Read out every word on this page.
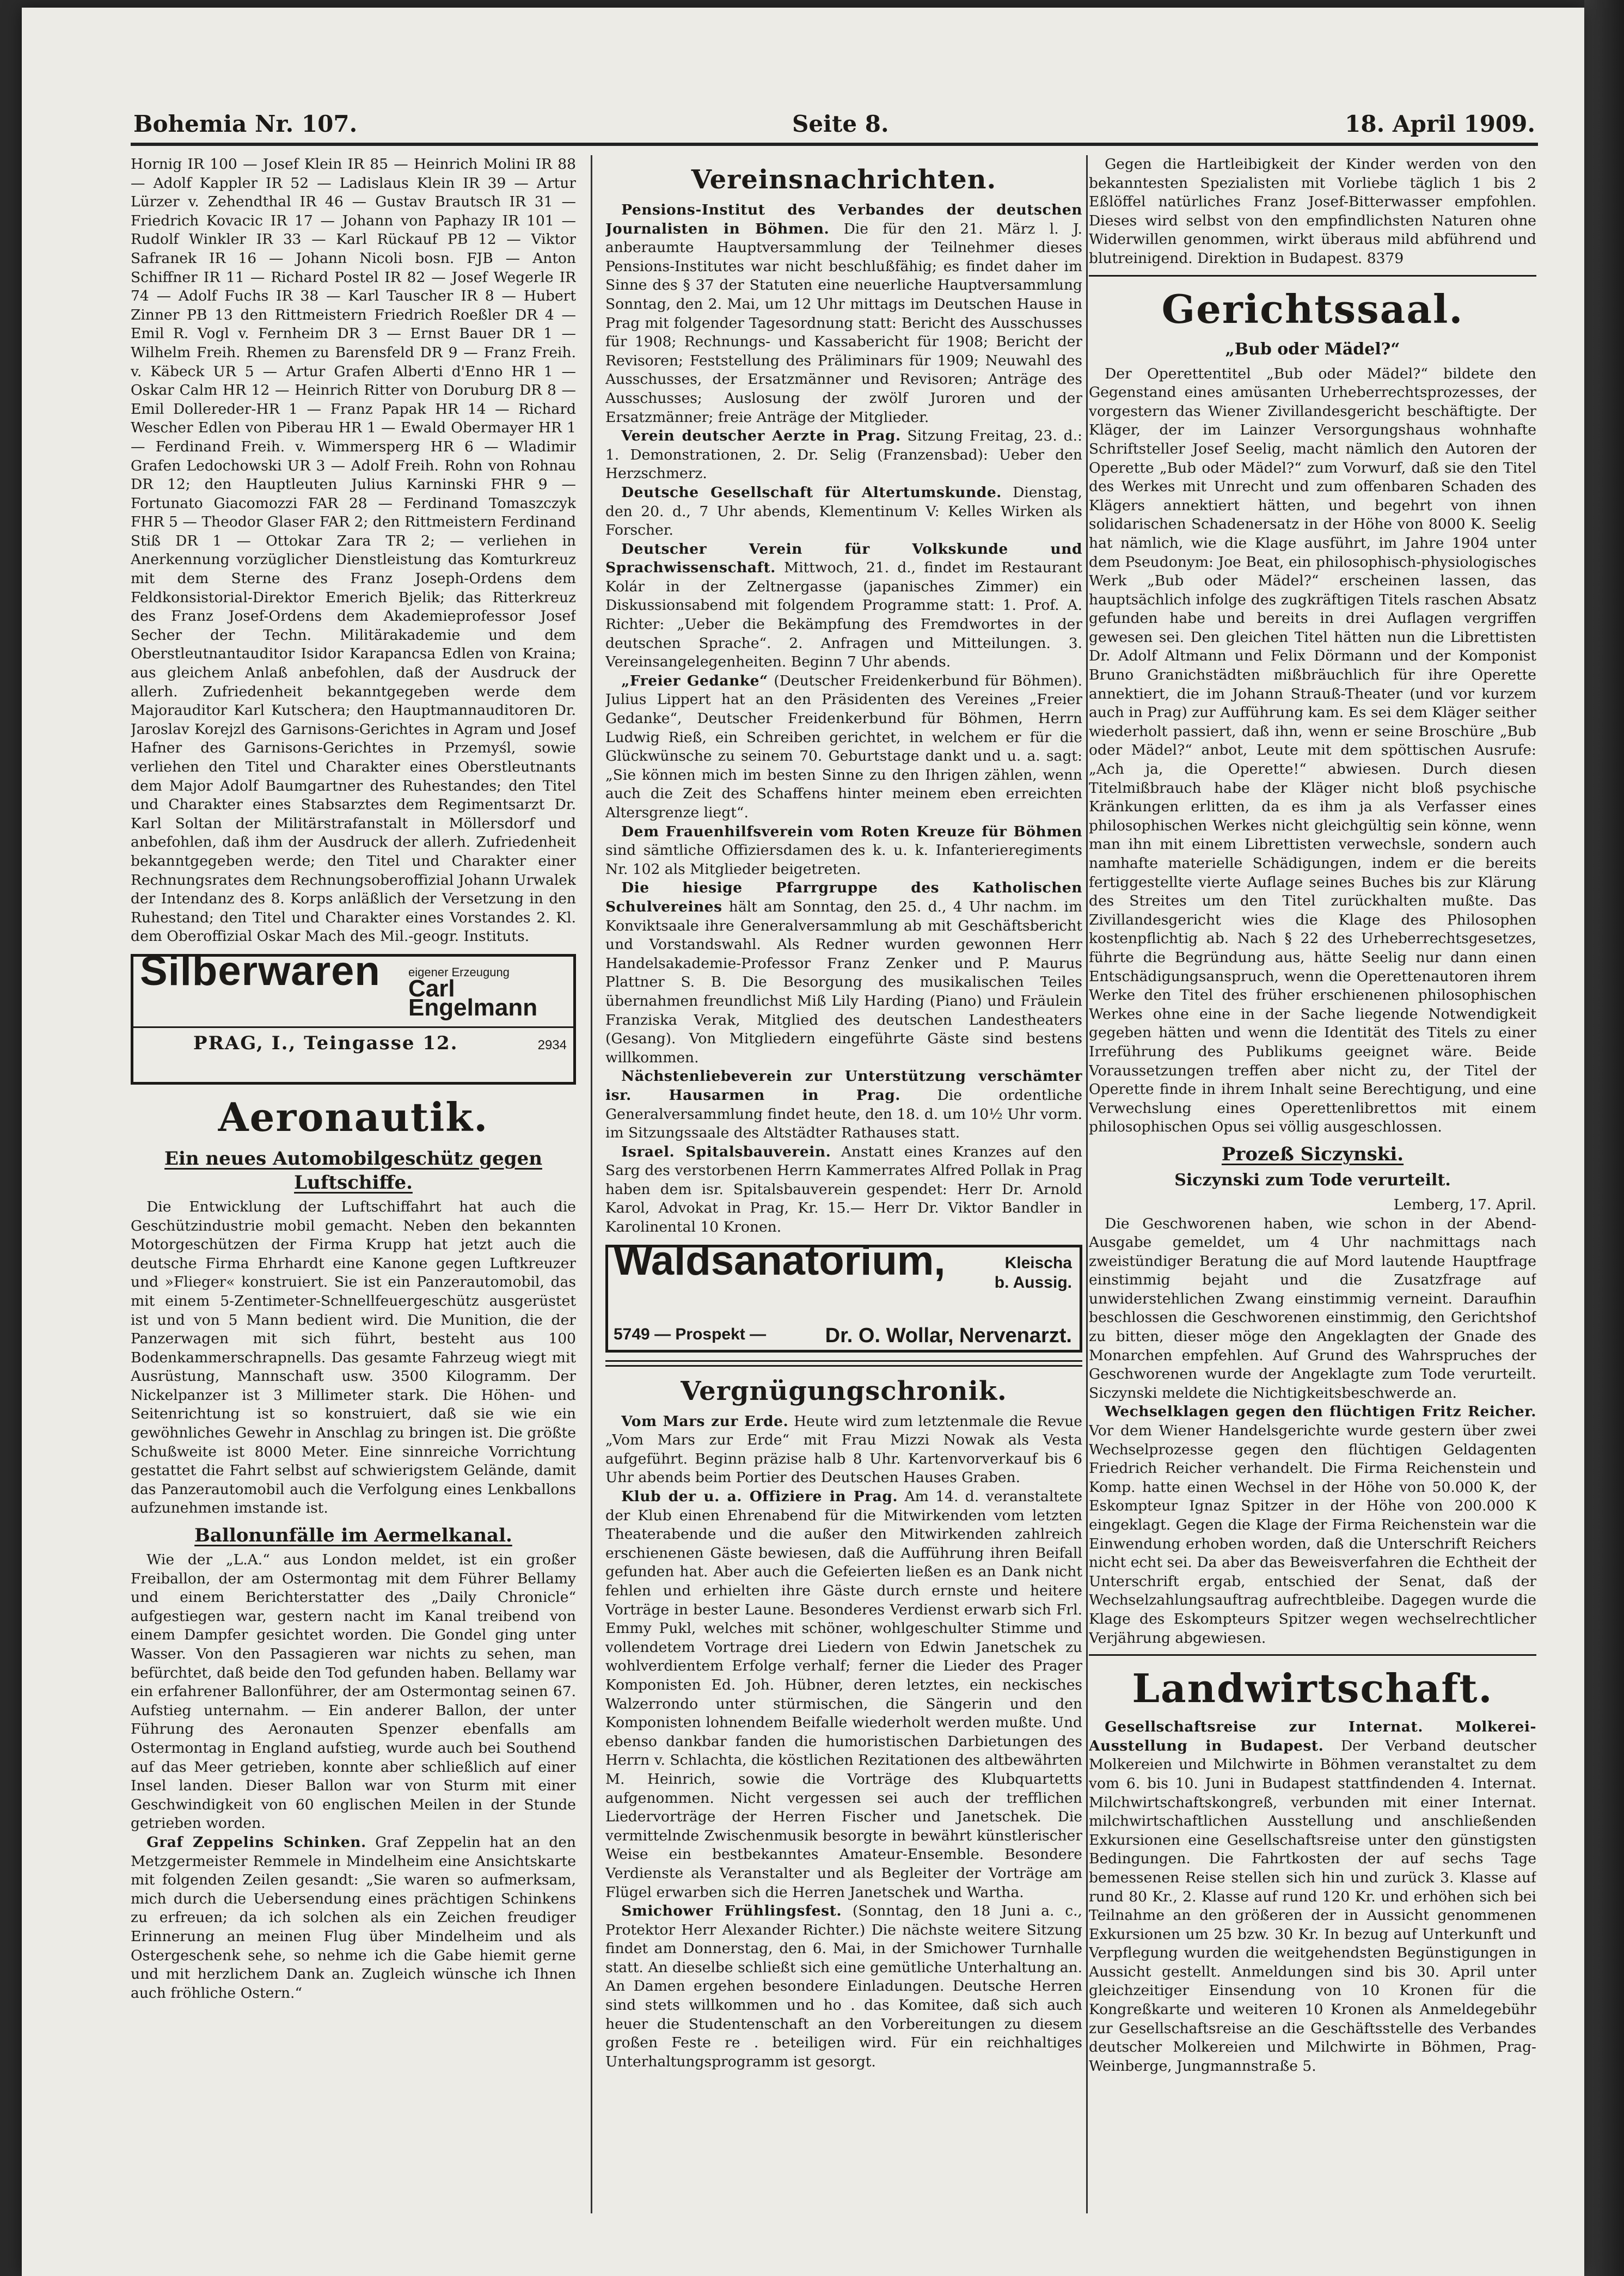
Bohemia Nr. 107.	Seite 8.	18. April 1909.

Hornig IR 100 — Josef Klein IR 85 — Heinrich Molini IR 88 — Adolf Kappler IR 52 — Ladislaus Klein IR 39 — Artur Lürzer v. Zehendthal IR 46 — Gustav Brautsch IR 31 — Friedrich Kovacic IR 17 — Johann von Paphazy IR 101 — Rudolf Winkler IR 33 — Karl Rückauf PB 12 — Viktor Safranek IR 16 — Johann Nicoli bosn. FJB — Anton Schiffner IR 11 — Richard Postel IR 82 — Josef Wegerle IR 74 — Adolf Fuchs IR 38 — Karl Tauscher IR 8 — Hubert Zinner PB 13 den Rittmeistern Friedrich Roeßler DR 4 — Emil R. Vogl v. Fernheim DR 3 — Ernst Bauer DR 1 — Wilhelm Freih. Rhemen zu Barensfeld DR 9 — Franz Freih. v. Käbeck UR 5 — Artur Grafen Alberti d'Enno HR 1 — Oskar Calm HR 12 — Heinrich Ritter von Doruburg DR 8 — Emil Dollereder-HR 1 — Franz Papak HR 14 — Richard Wescher Edlen von Piberau HR 1 — Ewald Obermayer HR 1 — Ferdinand Freih. v. Wimmersperg HR 6 — Wladimir Grafen Ledochowski UR 3 — Adolf Freih. Rohn von Rohnau DR 12; den Hauptleuten Julius Karninski FHR 9 — Fortunato Giacomozzi FAR 28 — Ferdinand Tomaszczyk FHR 5 — Theodor Glaser FAR 2; den Rittmeistern Ferdinand Stiß DR 1 — Ottokar Zara TR 2; — verliehen in Anerkennung vorzüglicher Dienstleistung das Komturkreuz mit dem Sterne des Franz Joseph-Ordens dem Feldkonsistorial-Direktor Emerich Bjelik; das Ritterkreuz des Franz Josef-Ordens dem Akademieprofessor Josef Secher der Techn. Militärakademie und dem Oberstleutnantauditor Isidor Karapancsa Edlen von Kraina; aus gleichem Anlaß anbefohlen, daß der Ausdruck der allerh. Zufriedenheit bekanntgegeben werde dem Majorauditor Karl Kutschera; den Hauptmannauditoren Dr. Jaroslav Korejzl des Garnisons-Gerichtes in Agram und Josef Hafner des Garnisons-Gerichtes in Przemyśl, sowie verliehen den Titel und Charakter eines Oberstleutnants dem Major Adolf Baumgartner des Ruhestandes; den Titel und Charakter eines Stabsarztes dem Regimentsarzt Dr. Karl Soltan der Militärstrafanstalt in Möllersdorf und anbefohlen, daß ihm der Ausdruck der allerh. Zufriedenheit bekanntgegeben werde; den Titel und Charakter einer Rechnungsrates dem Rechnungsoberoffizial Johann Urwalek der Intendanz des 8. Korps anläßlich der Versetzung in den Ruhestand; den Titel und Charakter eines Vorstandes 2. Kl. dem Oberoffizial Oskar Mach des Mil.-geogr. Instituts.

Silberwaren eigener Erzeugung
Carl Engelmann
PRAG, I., Teingasse 12.	2934
Aeronautik.
Ein neues Automobilgeschütz gegen Luftschiffe.

Die Entwicklung der Luftschiffahrt hat auch die Geschützindustrie mobil gemacht. Neben den bekannten Motorgeschützen der Firma Krupp hat jetzt auch die deutsche Firma Ehrhardt eine Kanone gegen Luftkreuzer und »Flieger« konstruiert. Sie ist ein Panzerautomobil, das mit einem 5-Zentimeter-Schnellfeuergeschütz ausgerüstet ist und von 5 Mann bedient wird. Die Munition, die der Panzerwagen mit sich führt, besteht aus 100 Bodenkammerschrapnells. Das gesamte Fahrzeug wiegt mit Ausrüstung, Mannschaft usw. 3500 Kilogramm. Der Nickelpanzer ist 3 Millimeter stark. Die Höhen- und Seitenrichtung ist so konstruiert, daß sie wie ein gewöhnliches Gewehr in Anschlag zu bringen ist. Die größte Schußweite ist 8000 Meter. Eine sinnreiche Vorrichtung gestattet die Fahrt selbst auf schwierigstem Gelände, damit das Panzerautomobil auch die Verfolgung eines Lenkballons aufzunehmen imstande ist.

Ballonunfälle im Aermelkanal.

Wie der „L.A.“ aus London meldet, ist ein großer Freiballon, der am Ostermontag mit dem Führer Bellamy und einem Berichterstatter des „Daily Chronicle“ aufgestiegen war, gestern nacht im Kanal treibend von einem Dampfer gesichtet worden. Die Gondel ging unter Wasser. Von den Passagieren war nichts zu sehen, man befürchtet, daß beide den Tod gefunden haben. Bellamy war ein erfahrener Ballonführer, der am Ostermontag seinen 67. Aufstieg unternahm. — Ein anderer Ballon, der unter Führung des Aeronauten Spenzer ebenfalls am Ostermontag in England aufstieg, wurde auch bei Southend auf das Meer getrieben, konnte aber schließlich auf einer Insel landen. Dieser Ballon war von Sturm mit einer Geschwindigkeit von 60 englischen Meilen in der Stunde getrieben worden.

Graf Zeppelins Schinken. Graf Zeppelin hat an den Metzgermeister Remmele in Mindelheim eine Ansichtskarte mit folgenden Zeilen gesandt: „Sie waren so aufmerksam, mich durch die Uebersendung eines prächtigen Schinkens zu erfreuen; da ich solchen als ein Zeichen freudiger Erinnerung an meinen Flug über Mindelheim und als Ostergeschenk sehe, so nehme ich die Gabe hiemit gerne und mit herzlichem Dank an. Zugleich wünsche ich Ihnen auch fröhliche Ostern.“

Vereinsnachrichten.

Pensions-Institut des Verbandes der deutschen Journalisten in Böhmen. Die für den 21. März l. J. anberaumte Hauptversammlung der Teilnehmer dieses Pensions-Institutes war nicht beschlußfähig; es findet daher im Sinne des § 37 der Statuten eine neuerliche Hauptversammlung Sonntag, den 2. Mai, um 12 Uhr mittags im Deutschen Hause in Prag mit folgender Tagesordnung statt: Bericht des Ausschusses für 1908; Rechnungs- und Kassabericht für 1908; Bericht der Revisoren; Feststellung des Präliminars für 1909; Neuwahl des Ausschusses, der Ersatzmänner und Revisoren; Anträge des Ausschusses; Auslosung der zwölf Juroren und der Ersatzmänner; freie Anträge der Mitglieder.

Verein deutscher Aerzte in Prag. Sitzung Freitag, 23. d.: 1. Demonstrationen, 2. Dr. Selig (Franzensbad): Ueber den Herzschmerz.

Deutsche Gesellschaft für Altertumskunde. Dienstag, den 20. d., 7 Uhr abends, Klementinum V: Kelles Wirken als Forscher.

Deutscher Verein für Volkskunde und Sprachwissenschaft. Mittwoch, 21. d., findet im Restaurant Kolár in der Zeltnergasse (japanisches Zimmer) ein Diskussionsabend mit folgendem Programme statt: 1. Prof. A. Richter: „Ueber die Bekämpfung des Fremdwortes in der deutschen Sprache“. 2. Anfragen und Mitteilungen. 3. Vereinsangelegenheiten. Beginn 7 Uhr abends.

„Freier Gedanke“ (Deutscher Freidenkerbund für Böhmen). Julius Lippert hat an den Präsidenten des Vereines „Freier Gedanke“, Deutscher Freidenkerbund für Böhmen, Herrn Ludwig Rieß, ein Schreiben gerichtet, in welchem er für die Glückwünsche zu seinem 70. Geburtstage dankt und u. a. sagt: „Sie können mich im besten Sinne zu den Ihrigen zählen, wenn auch die Zeit des Schaffens hinter meinem eben erreichten Altersgrenze liegt“.

Dem Frauenhilfsverein vom Roten Kreuze für Böhmen sind sämtliche Offiziersdamen des k. u. k. Infanterieregiments Nr. 102 als Mitglieder beigetreten.

Die hiesige Pfarrgruppe des Katholischen Schulvereines hält am Sonntag, den 25. d., 4 Uhr nachm. im Konviktsaale ihre Generalversammlung ab mit Geschäftsbericht und Vorstandswahl. Als Redner wurden gewonnen Herr Handelsakademie-Professor Franz Zenker und P. Maurus Plattner S. B. Die Besorgung des musikalischen Teiles übernahmen freundlichst Miß Lily Harding (Piano) und Fräulein Franziska Verak, Mitglied des deutschen Landestheaters (Gesang). Von Mitgliedern eingeführte Gäste sind bestens willkommen.

Nächstenliebeverein zur Unterstützung verschämter isr. Hausarmen in Prag. Die ordentliche Generalversammlung findet heute, den 18. d. um 10½ Uhr vorm. im Sitzungssaale des Altstädter Rathauses statt.

Israel. Spitalsbauverein. Anstatt eines Kranzes auf den Sarg des verstorbenen Herrn Kammerrates Alfred Pollak in Prag haben dem isr. Spitalsbauverein gespendet: Herr Dr. Arnold Karol, Advokat in Prag, Kr. 15.— Herr Dr. Viktor Bandler in Karolinental 10 Kronen.

Waldsanatorium,	Kleischa
b. Aussig.
5749 — Prospekt —	Dr. O. Wollar, Nervenarzt.
Vergnügungschronik.

Vom Mars zur Erde. Heute wird zum letztenmale die Revue „Vom Mars zur Erde“ mit Frau Mizzi Nowak als Vesta aufgeführt. Beginn präzise halb 8 Uhr. Kartenvorverkauf bis 6 Uhr abends beim Portier des Deutschen Hauses Graben.

Klub der u. a. Offiziere in Prag. Am 14. d. veranstaltete der Klub einen Ehrenabend für die Mitwirkenden vom letzten Theaterabende und die außer den Mitwirkenden zahlreich erschienenen Gäste bewiesen, daß die Aufführung ihren Beifall gefunden hat. Aber auch die Gefeierten ließen es an Dank nicht fehlen und erhielten ihre Gäste durch ernste und heitere Vorträge in bester Laune. Besonderes Verdienst erwarb sich Frl. Emmy Pukl, welches mit schöner, wohlgeschulter Stimme und vollendetem Vortrage drei Liedern von Edwin Janetschek zu wohlverdientem Erfolge verhalf; ferner die Lieder des Prager Komponisten Ed. Joh. Hübner, deren letztes, ein neckisches Walzerrondo unter stürmischen, die Sängerin und den Komponisten lohnendem Beifalle wiederholt werden mußte. Und ebenso dankbar fanden die humoristischen Darbietungen des Herrn v. Schlachta, die köstlichen Rezitationen des altbewährten M. Heinrich, sowie die Vorträge des Klubquartetts aufgenommen. Nicht vergessen sei auch der trefflichen Liedervorträge der Herren Fischer und Janetschek. Die vermittelnde Zwischenmusik besorgte in bewährt künstlerischer Weise ein bestbekanntes Amateur-Ensemble. Besondere Verdienste als Veranstalter und als Begleiter der Vorträge am Flügel erwarben sich die Herren Janetschek und Wartha.

Smichower Frühlingsfest. (Sonntag, den 18 Juni a. c., Protektor Herr Alexander Richter.) Die nächste weitere Sitzung findet am Donnerstag, den 6. Mai, in der Smichower Turnhalle statt. An dieselbe schließt sich eine gemütliche Unterhaltung an. An Damen ergehen besondere Einladungen. Deutsche Herren sind stets willkommen und ho . das Komitee, daß sich auch heuer die Studentenschaft an den Vorbereitungen zu diesem großen Feste re . beteiligen wird. Für ein reichhaltiges Unterhaltungsprogramm ist gesorgt.

Gegen die Hartleibigkeit der Kinder werden von den bekanntesten Spezialisten mit Vorliebe täglich 1 bis 2 Eßlöffel natürliches Franz Josef-Bitterwasser empfohlen. Dieses wird selbst von den empfindlichsten Naturen ohne Widerwillen genommen, wirkt überaus mild abführend und blutreinigend. Direktion in Budapest. 8379

Gerichtssaal.
„Bub oder Mädel?“

Der Operettentitel „Bub oder Mädel?“ bildete den Gegenstand eines amüsanten Urheberrechtsprozesses, der vorgestern das Wiener Zivillandesgericht beschäftigte. Der Kläger, der im Lainzer Versorgungshaus wohnhafte Schriftsteller Josef Seelig, macht nämlich den Autoren der Operette „Bub oder Mädel?“ zum Vorwurf, daß sie den Titel des Werkes mit Unrecht und zum offenbaren Schaden des Klägers annektiert hätten, und begehrt von ihnen solidarischen Schadenersatz in der Höhe von 8000 K. Seelig hat nämlich, wie die Klage ausführt, im Jahre 1904 unter dem Pseudonym: Joe Beat, ein philosophisch-physiologisches Werk „Bub oder Mädel?“ erscheinen lassen, das hauptsächlich infolge des zugkräftigen Titels raschen Absatz gefunden habe und bereits in drei Auflagen vergriffen gewesen sei. Den gleichen Titel hätten nun die Librettisten Dr. Adolf Altmann und Felix Dörmann und der Komponist Bruno Granichstädten mißbräuchlich für ihre Operette annektiert, die im Johann Strauß-Theater (und vor kurzem auch in Prag) zur Aufführung kam. Es sei dem Kläger seither wiederholt passiert, daß ihn, wenn er seine Broschüre „Bub oder Mädel?“ anbot, Leute mit dem spöttischen Ausrufe: „Ach ja, die Operette!“ abwiesen. Durch diesen Titelmißbrauch habe der Kläger nicht bloß psychische Kränkungen erlitten, da es ihm ja als Verfasser eines philosophischen Werkes nicht gleichgültig sein könne, wenn man ihn mit einem Librettisten verwechsle, sondern auch namhafte materielle Schädigungen, indem er die bereits fertiggestellte vierte Auflage seines Buches bis zur Klärung des Streites um den Titel zurückhalten mußte. Das Zivillandesgericht wies die Klage des Philosophen kostenpflichtig ab. Nach § 22 des Urheberrechtsgesetzes, führte die Begründung aus, hätte Seelig nur dann einen Entschädigungsanspruch, wenn die Operettenautoren ihrem Werke den Titel des früher erschienenen philosophischen Werkes ohne eine in der Sache liegende Notwendigkeit gegeben hätten und wenn die Identität des Titels zu einer Irreführung des Publikums geeignet wäre. Beide Voraussetzungen treffen aber nicht zu, der Titel der Operette finde in ihrem Inhalt seine Berechtigung, und eine Verwechslung eines Operettenlibrettos mit einem philosophischen Opus sei völlig ausgeschlossen.

Prozeß Siczynski.
Siczynski zum Tode verurteilt.

Lemberg, 17. April.

Die Geschworenen haben, wie schon in der Abend-Ausgabe gemeldet, um 4 Uhr nachmittags nach zweistündiger Beratung die auf Mord lautende Hauptfrage einstimmig bejaht und die Zusatzfrage auf unwiderstehlichen Zwang einstimmig verneint. Daraufhin beschlossen die Geschworenen einstimmig, den Gerichtshof zu bitten, dieser möge den Angeklagten der Gnade des Monarchen empfehlen. Auf Grund des Wahrspruches der Geschworenen wurde der Angeklagte zum Tode verurteilt. Siczynski meldete die Nichtigkeitsbeschwerde an.

Wechselklagen gegen den flüchtigen Fritz Reicher. Vor dem Wiener Handelsgerichte wurde gestern über zwei Wechselprozesse gegen den flüchtigen Geldagenten Friedrich Reicher verhandelt. Die Firma Reichenstein und Komp. hatte einen Wechsel in der Höhe von 50.000 K, der Eskompteur Ignaz Spitzer in der Höhe von 200.000 K eingeklagt. Gegen die Klage der Firma Reichenstein war die Einwendung erhoben worden, daß die Unterschrift Reichers nicht echt sei. Da aber das Beweisverfahren die Echtheit der Unterschrift ergab, entschied der Senat, daß der Wechselzahlungsauftrag aufrechtbleibe. Dagegen wurde die Klage des Eskompteurs Spitzer wegen wechselrechtlicher Verjährung abgewiesen.

Landwirtschaft.

Gesellschaftsreise zur Internat. Molkerei-Ausstellung in Budapest. Der Verband deutscher Molkereien und Milchwirte in Böhmen veranstaltet zu dem vom 6. bis 10. Juni in Budapest stattfindenden 4. Internat. Milchwirtschaftskongreß, verbunden mit einer Internat. milchwirtschaftlichen Ausstellung und anschließenden Exkursionen eine Gesellschaftsreise unter den günstigsten Bedingungen. Die Fahrtkosten der auf sechs Tage bemessenen Reise stellen sich hin und zurück 3. Klasse auf rund 80 Kr., 2. Klasse auf rund 120 Kr. und erhöhen sich bei Teilnahme an den größeren der in Aussicht genommenen Exkursionen um 25 bzw. 30 Kr. In bezug auf Unterkunft und Verpflegung wurden die weitgehendsten Begünstigungen in Aussicht gestellt. Anmeldungen sind bis 30. April unter gleichzeitiger Einsendung von 10 Kronen für die Kongreßkarte und weiteren 10 Kronen als Anmeldegebühr zur Gesellschaftsreise an die Geschäftsstelle des Verbandes deutscher Molkereien und Milchwirte in Böhmen, Prag-Weinberge, Jungmannstraße 5.
